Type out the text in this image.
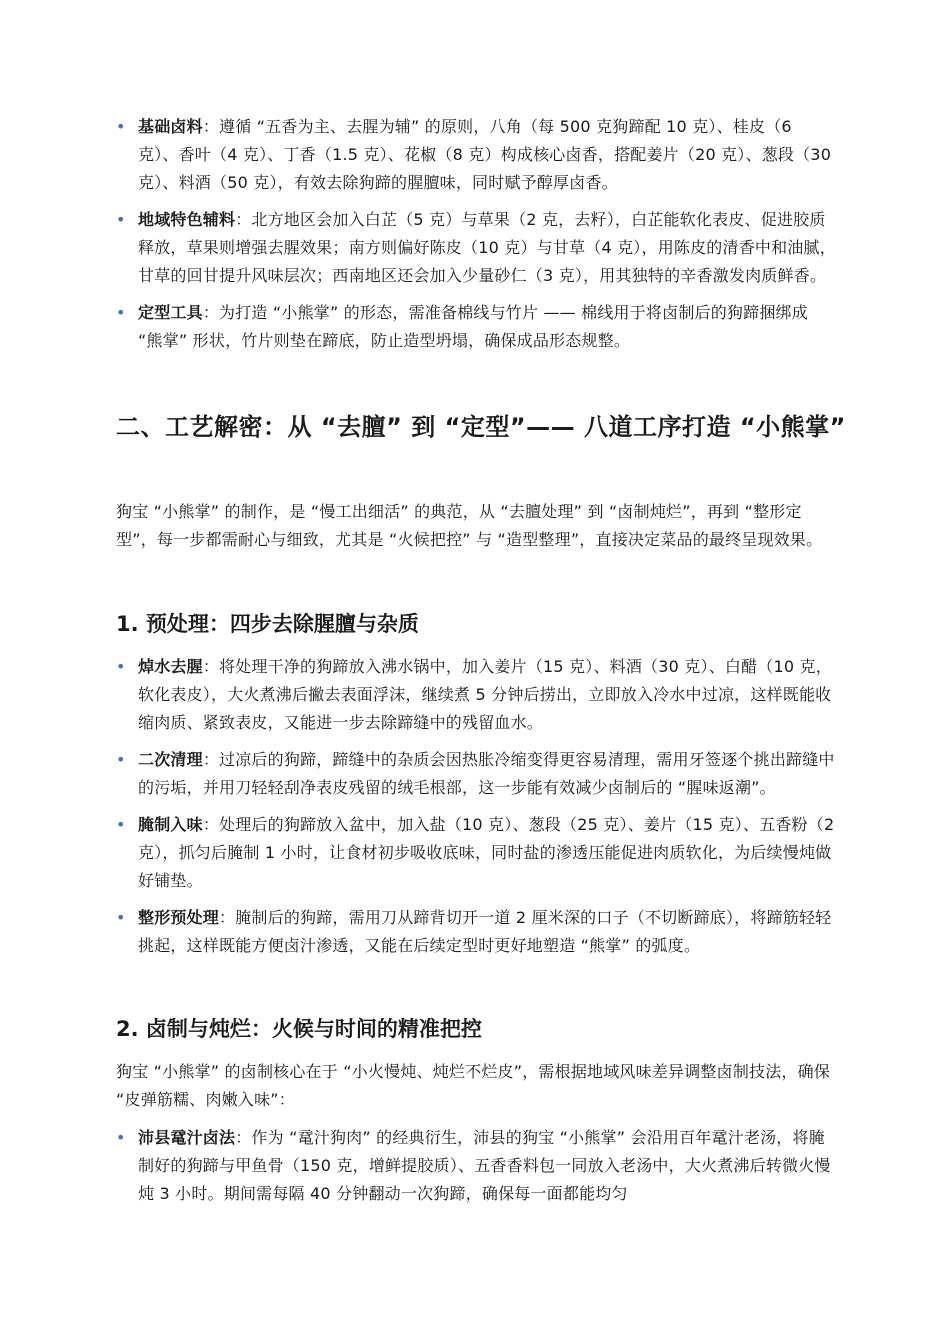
• 基础卤料：遵循 “五香为主、去腥为辅” 的原则，八角（每 500 克狗蹄配 10 克）、桂皮（6 克）、香叶（4 克）、丁香（1.5 克）、花椒（8 克）构成核心卤香，搭配姜片（20 克）、葱段（30 克）、料酒（50 克），有效去除狗蹄的腥膻味，同时赋予醇厚卤香。
• 地域特色辅料：北方地区会加入白芷（5 克）与草果（2 克，去籽），白芷能软化表皮、促进胶质释放，草果则增强去腥效果；南方则偏好陈皮（10 克）与甘草（4 克），用陈皮的清香中和油腻，甘草的回甘提升风味层次；西南地区还会加入少量砂仁（3 克），用其独特的辛香激发肉质鲜香。
• 定型工具：为打造 “小熊掌” 的形态，需准备棉线与竹片 —— 棉线用于将卤制后的狗蹄捆绑成 “熊掌” 形状，竹片则垫在蹄底，防止造型坍塌，确保成品形态规整。
二、工艺解密：从 “去膻” 到 “定型”—— 八道工序打造 “小熊掌”

狗宝 “小熊掌” 的制作，是 “慢工出细活” 的典范，从 “去膻处理” 到 “卤制炖烂”，再到 “整形定型”，每一步都需耐心与细致，尤其是 “火候把控” 与 “造型整理”，直接决定菜品的最终呈现效果。

1. 预处理：四步去除腥膻与杂质
• 焯水去腥：将处理干净的狗蹄放入沸水锅中，加入姜片（15 克）、料酒（30 克）、白醋（10 克，软化表皮），大火煮沸后撇去表面浮沫，继续煮 5 分钟后捞出，立即放入冷水中过凉，这样既能收缩肉质、紧致表皮，又能进一步去除蹄缝中的残留血水。
• 二次清理：过凉后的狗蹄，蹄缝中的杂质会因热胀冷缩变得更容易清理，需用牙签逐个挑出蹄缝中的污垢，并用刀轻轻刮净表皮残留的绒毛根部，这一步能有效减少卤制后的 “腥味返潮”。
• 腌制入味：处理后的狗蹄放入盆中，加入盐（10 克）、葱段（25 克）、姜片（15 克）、五香粉（2 克），抓匀后腌制 1 小时，让食材初步吸收底味，同时盐的渗透压能促进肉质软化，为后续慢炖做好铺垫。
• 整形预处理：腌制后的狗蹄，需用刀从蹄背切开一道 2 厘米深的口子（不切断蹄底），将蹄筋轻轻挑起，这样既能方便卤汁渗透，又能在后续定型时更好地塑造 “熊掌” 的弧度。
2. 卤制与炖烂：火候与时间的精准把控

狗宝 “小熊掌” 的卤制核心在于 “小火慢炖、炖烂不烂皮”，需根据地域风味差异调整卤制技法，确保 “皮弹筋糯、肉嫩入味”：

• 沛县鼋汁卤法：作为 “鼋汁狗肉” 的经典衍生，沛县的狗宝 “小熊掌” 会沿用百年鼋汁老汤，将腌制好的狗蹄与甲鱼骨（150 克，增鲜提胶质）、五香香料包一同放入老汤中，大火煮沸后转微火慢炖 3 小时。期间需每隔 40 分钟翻动一次狗蹄，确保每一面都能均匀
